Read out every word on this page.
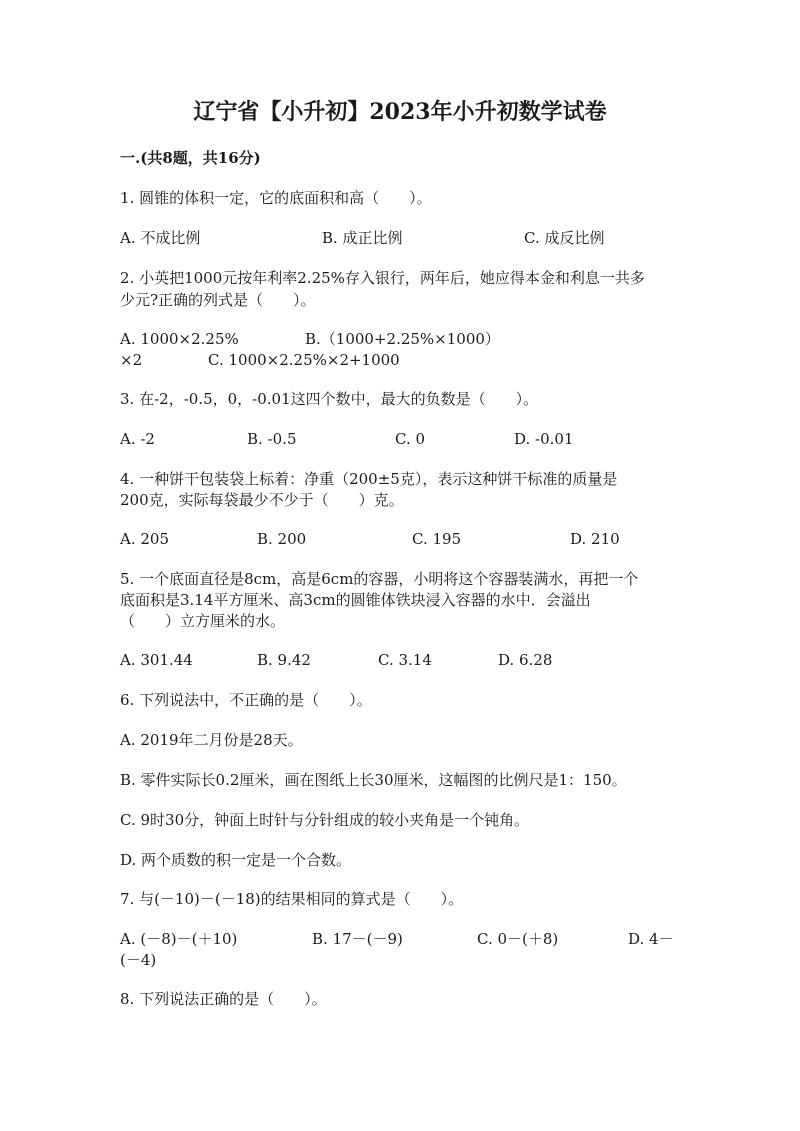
辽宁省【小升初】2023年小升初数学试卷
一.(共8题，共16分)
1. 圆锥的体积一定，它的底面积和高（　　）。
A. 不成比例	B. 成正比例	C. 成反比例
2. 小英把1000元按年利率2.25%存入银行，两年后，她应得本金和利息一共多
少元?正确的列式是（　　）。
A. 1000×2.25%	B.（1000+2.25%×1000）
×2	C. 1000×2.25%×2+1000
3. 在-2，-0.5，0，-0.01这四个数中，最大的负数是（　　）。
A. -2	B. -0.5	C. 0	D. -0.01
4. 一种饼干包装袋上标着：净重（200±5克），表示这种饼干标准的质量是
200克，实际每袋最少不少于（　　）克。
A. 205	B. 200	C. 195	D. 210
5. 一个底面直径是8cm，高是6cm的容器，小明将这个容器装满水，再把一个
底面积是3.14平方厘米、高3cm的圆锥体铁块浸入容器的水中．会溢出
（　　）立方厘米的水。
A. 301.44	B. 9.42	C. 3.14	D. 6.28
6. 下列说法中，不正确的是（　　）。
A. 2019年二月份是28天。
B. 零件实际长0.2厘米，画在图纸上长30厘米，这幅图的比例尺是1：150。
C. 9时30分，钟面上时针与分针组成的较小夹角是一个钝角。
D. 两个质数的积一定是一个合数。
7. 与(－10)－(－18)的结果相同的算式是（　　）。
A. (－8)－(＋10)	B. 17－(－9)	C. 0－(＋8)	D. 4－
(－4)
8. 下列说法正确的是（　　）。
